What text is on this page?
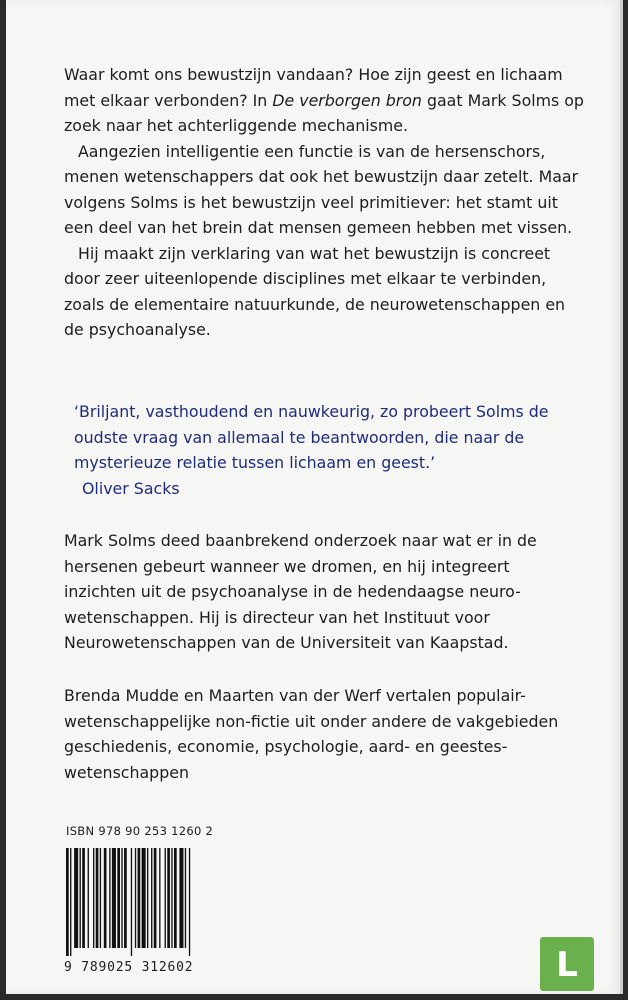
Waar komt ons bewustzijn vandaan? Hoe zijn geest en lichaam met elkaar verbonden? In De verborgen bron gaat Mark Solms op zoek naar het achterliggende mechanisme.

Aangezien intelligentie een functie is van de hersenschors, menen wetenschappers dat ook het bewustzijn daar zetelt. Maar volgens Solms is het bewustzijn veel primitiever: het stamt uit een deel van het brein dat mensen gemeen hebben met vissen.

Hij maakt zijn verklaring van wat het bewustzijn is concreet door zeer uiteenlopende disciplines met elkaar te verbinden, zoals de elementaire natuurkunde, de neurowetenschappen en de psychoanalyse.

‘Briljant, vasthoudend en nauwkeurig, zo probeert Solms de oudste vraag van allemaal te beantwoorden, die naar de mysterieuze relatie tussen lichaam en geest.’

Oliver Sacks

Mark Solms deed baanbrekend onderzoek naar wat er in de hersenen gebeurt wanneer we dromen, en hij integreert inzichten uit de psychoanalyse in de hedendaagse neuro-wetenschappen. Hij is directeur van het Instituut voor Neurowetenschappen van de Universiteit van Kaapstad.

Brenda Mudde en Maarten van der Werf vertalen populair-wetenschappelijke non-fictie uit onder andere de vakgebieden geschiedenis, economie, psychologie, aard- en geestes-wetenschappen

ISBN 978 90 253 1260 2
9 789025 312602	L
